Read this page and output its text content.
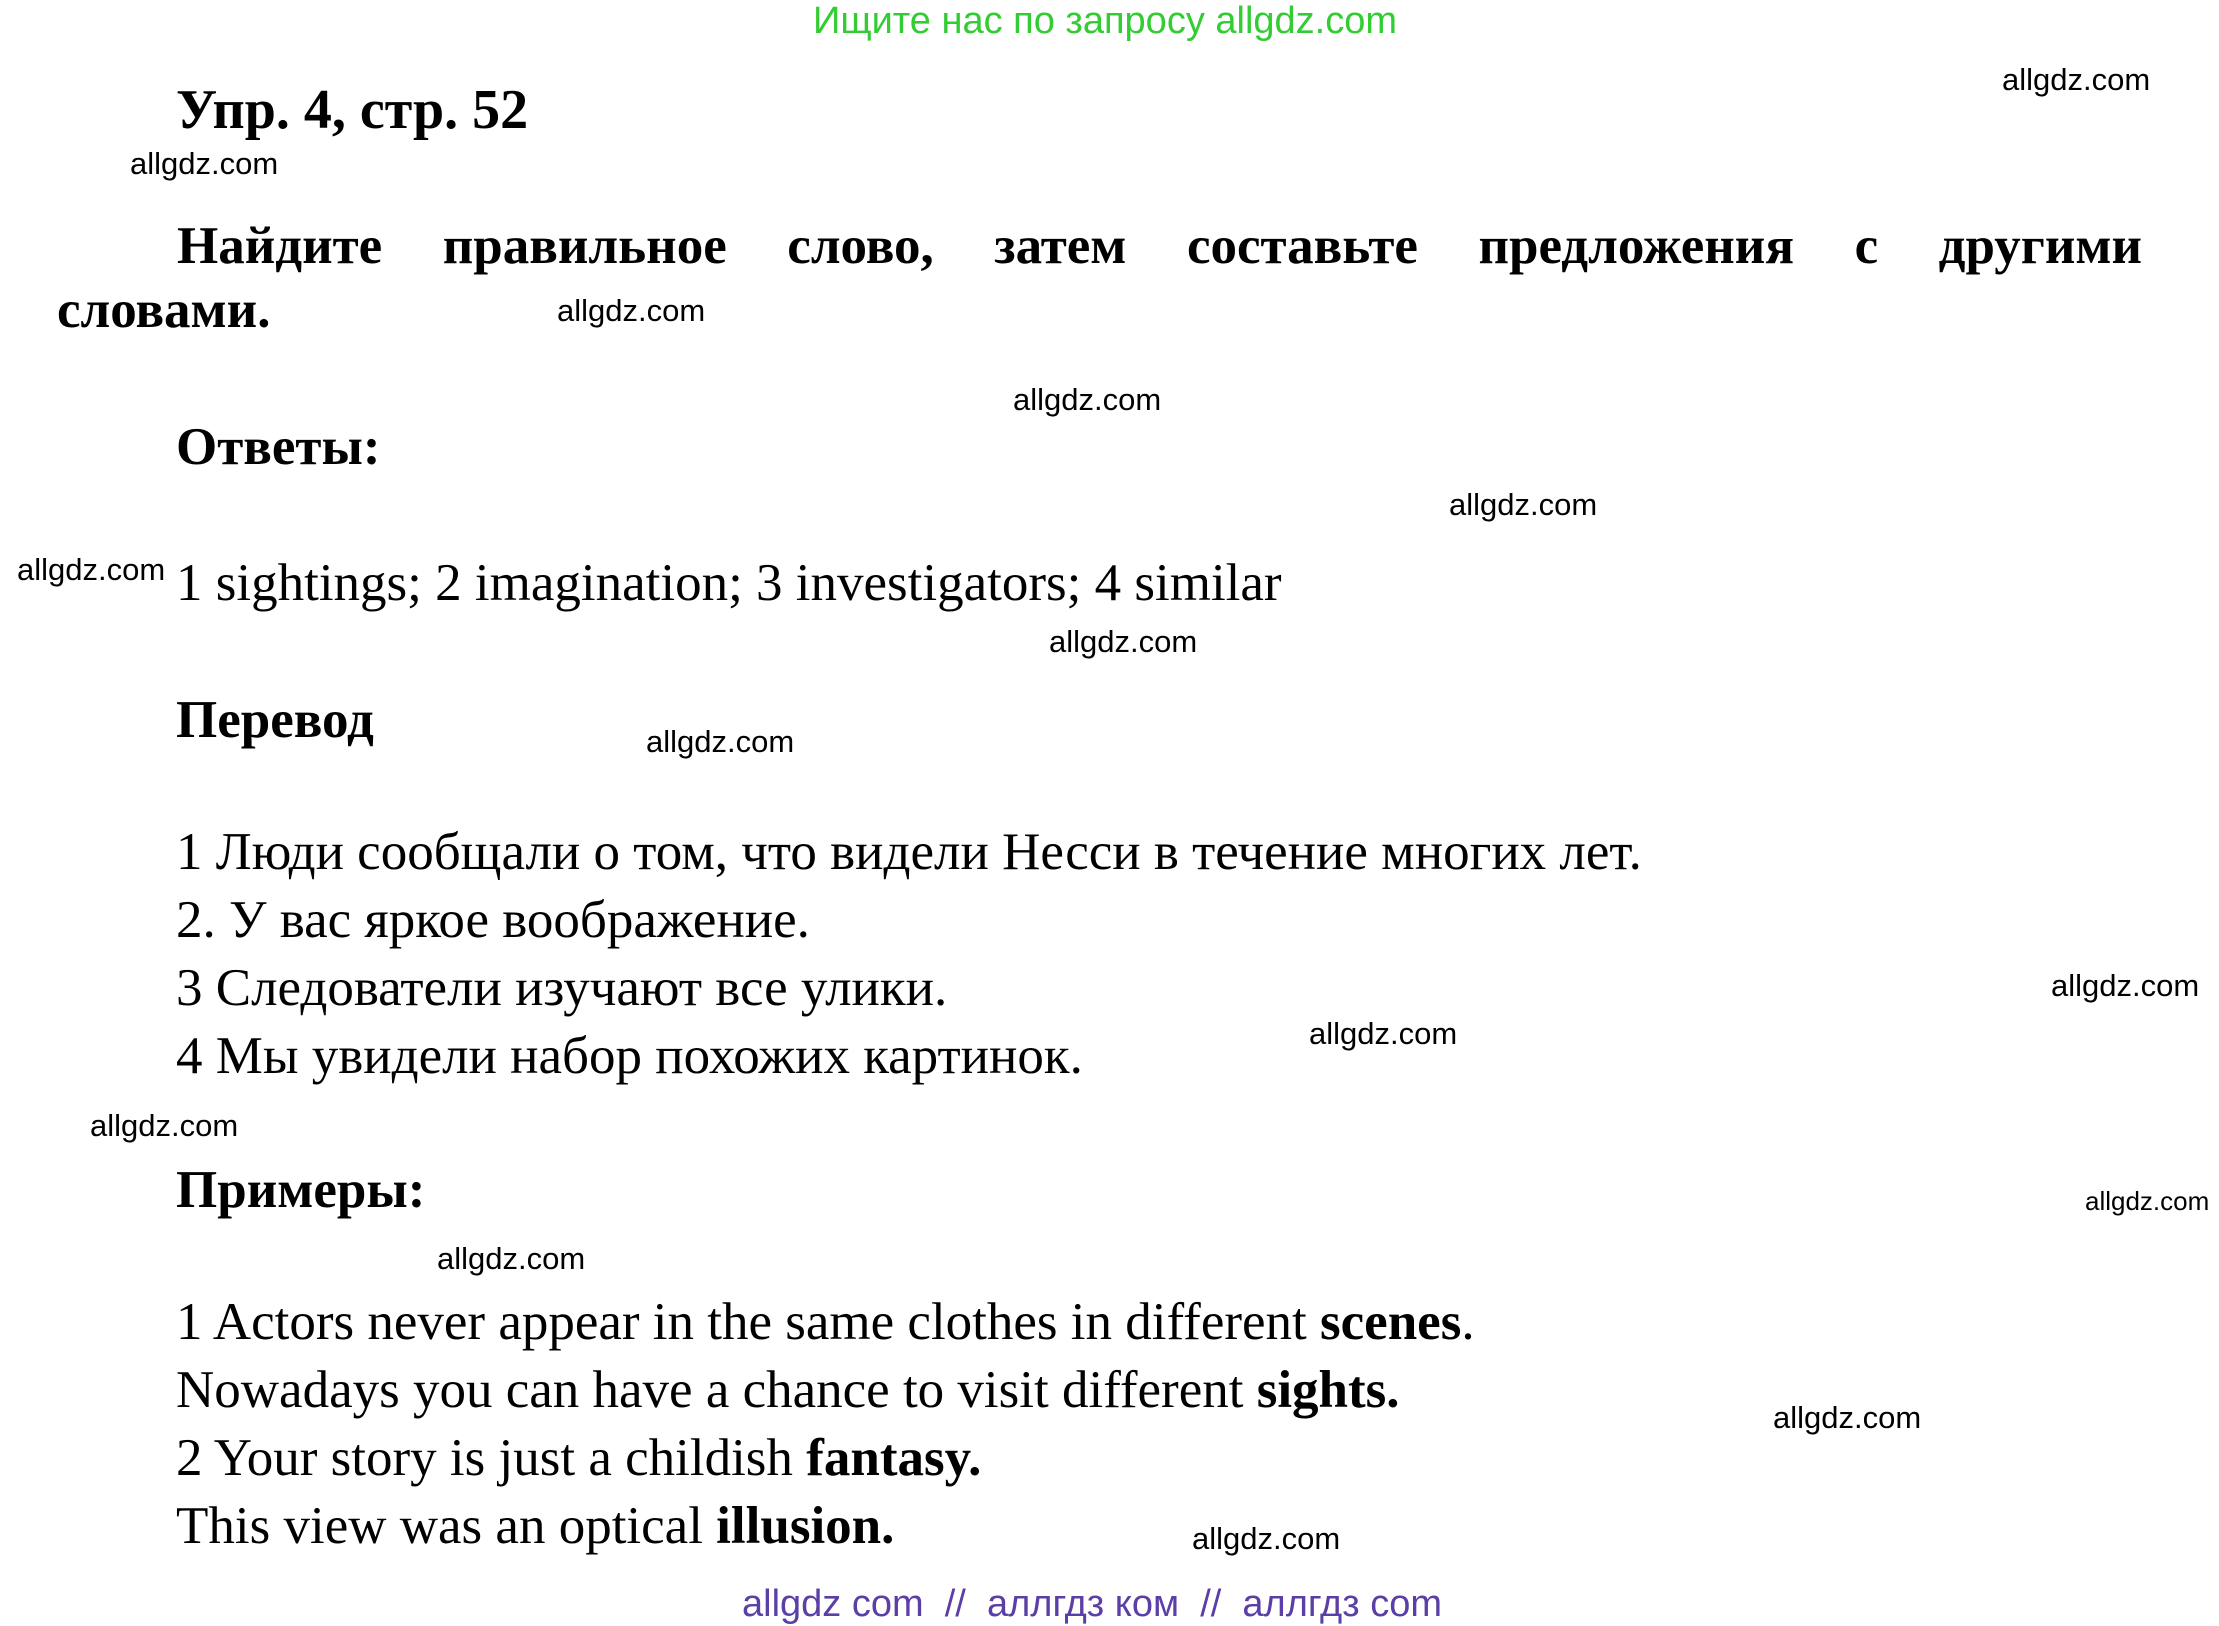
Ищите нас по запросу allgdz.com
Упр. 4, стр. 52
Найдите правильное слово, затем составьте предложения с другими
словами.
Ответы:
1 sightings; 2 imagination; 3 investigators; 4 similar
Перевод
1 Люди сообщали о том, что видели Несси в течение многих лет.
2. У вас яркое воображение.
3 Следователи изучают все улики.
4 Мы увидели набор похожих картинок.
Примеры:
1 Actors never appear in the same clothes in different scenes.
Nowadays you can have a chance to visit different sights.
2 Your story is just a childish fantasy.
This view was an optical illusion.
allgdz.com
allgdz.com
allgdz.com
allgdz.com
allgdz.com
allgdz.com
allgdz.com
allgdz.com
allgdz.com
allgdz.com
allgdz.com
allgdz.com
allgdz.com
allgdz.com
allgdz.com
allgdz com  //  аллгдз ком  //  аллгдз com
